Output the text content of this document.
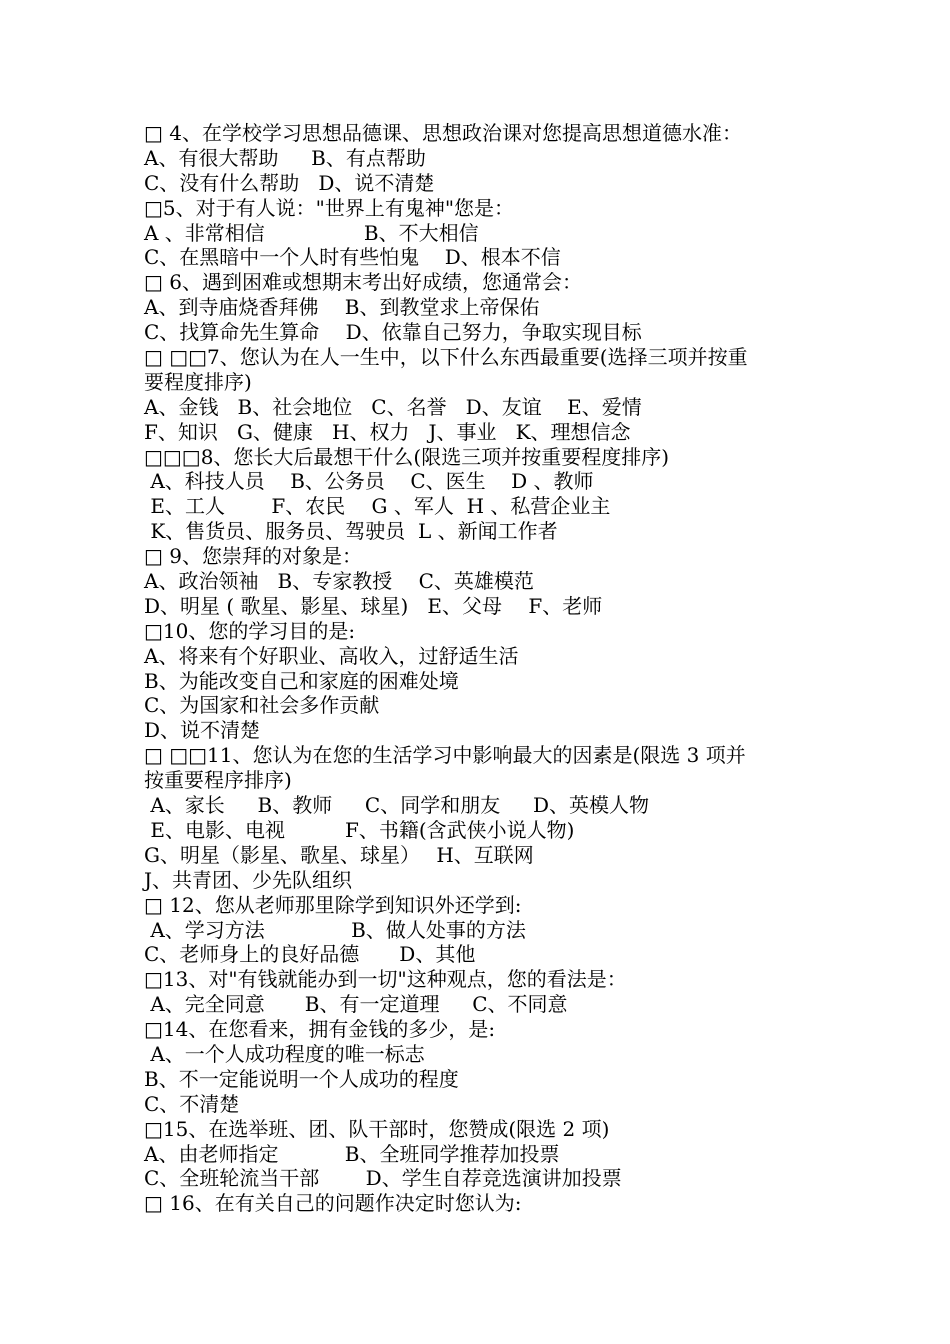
□ 4、在学校学习思想品德课、思想政治课对您提高思想道德水准：
A、有很大帮助　  B、有点帮助
C、没有什么帮助   D、说不清楚
□5、对于有人说："世界上有鬼神"您是：
A 、非常相信　　　　   B、不大相信
C、在黑暗中一个人时有些怕鬼    D、根本不信
□ 6、遇到困难或想期末考出好成绩，您通常会：
A、到寺庙烧香拜佛　 B、到教堂求上帝保佑
C、找算命先生算命　 D、依靠自己努力，争取实现目标
□ □□7、您认为在人一生中，以下什么东西最重要(选择三项并按重
要程度排序)
A、金钱   B、社会地位   C、名誉   D、友谊    E、爱情
F、知识   G、健康   H、权力   J、事业   K、理想信念
□□□8、您长大后最想干什么(限选三项并按重要程度排序)
A、科技人员    B、公务员    C、医生    D 、教师
E、工人　　 F、农民　 G 、军人  H 、私营企业主
K、售货员、服务员、驾驶员  L 、新闻工作者
□ 9、您崇拜的对象是：
A、政治领袖   B、专家教授　 C、英雄模范
D、明星 ( 歌星、影星、球星)   E、父母　 F、老师
□10、您的学习目的是:
A、将来有个好职业、高收入，过舒适生活
B、为能改变自己和家庭的困难处境
C、为国家和社会多作贡献
D、说不清楚
□ □□11、您认为在您的生活学习中影响最大的因素是(限选 3 项并
按重要程序排序)
A、家长　  B、教师　  C、同学和朋友　  D、英模人物
E、电影、电视　　　F、书籍(含武侠小说人物)
G、明星（影星、歌星、球星）　 H、互联网
J、共青团、少先队组织
□ 12、您从老师那里除学到知识外还学到:
A、学习方法　　　　 B、做人处事的方法
C、老师身上的良好品德　　D、其他
□13、对"有钱就能办到一切"这种观点，您的看法是：
A、完全同意　　B、有一定道理　  C、不同意
□14、在您看来，拥有金钱的多少，是:
A、一个人成功程度的唯一标志
B、不一定能说明一个人成功的程度
C、不清楚
□15、在选举班、团、队干部时，您赞成(限选 2 项)
A、由老师指定　　　 B、全班同学推荐加投票
C、全班轮流当干部　　 D、学生自荐竞选演讲加投票
□ 16、在有关自己的问题作决定时您认为:
